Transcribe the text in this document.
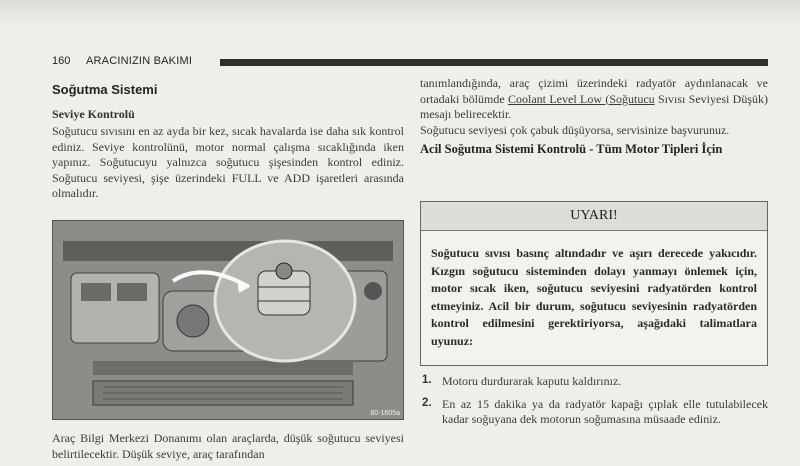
160 ARACINIZIN BAKIMI
Soğutma Sistemi
Seviye Kontrolü

Soğutucu sıvısını en az ayda bir kez, sıcak havalarda ise daha sık kontrol ediniz. Seviye kontrolünü, motor normal çalışma sıcaklığında iken yapınız. Soğutucuyu yalnızca soğutucu şişesinden kontrol ediniz. Soğutucu seviyesi, şişe üzerindeki FULL ve ADD işaretleri arasında olmalıdır.

80-1605a

Araç Bilgi Merkezi Donanımı olan araçlarda, düşük soğutucu seviyesi belirtilecektir. Düşük seviye, araç tarafından

tanımlandığında, araç çizimi üzerindeki radyatör aydınlanacak ve ortadaki bölümde Coolant Level Low (Soğutucu Sıvısı Seviyesi Düşük) mesajı belirecektir.

Soğutucu seviyesi çok çabuk düşüyorsa, servisinize başvurunuz.

Acil Soğutma Sistemi Kontrolü - Tüm Motor Tipleri İçin
UYARI!

Soğutucu sıvısı basınç altındadır ve aşırı derecede yakıcıdır. Kızgın soğutucu sisteminden dolayı yanmayı önlemek için, motor sıcak iken, soğutucu seviyesini radyatörden kontrol etmeyiniz. Acil bir durum, soğutucu seviyesinin radyatörden kontrol edilmesini gerektiriyorsa, aşağıdaki talimatlara uyunuz:

1. Motoru durdurarak kaputu kaldırınız.

2. En az 15 dakika ya da radyatör kapağı çıplak elle tutulabilecek kadar soğuyana dek motorun soğumasına müsaade ediniz.
